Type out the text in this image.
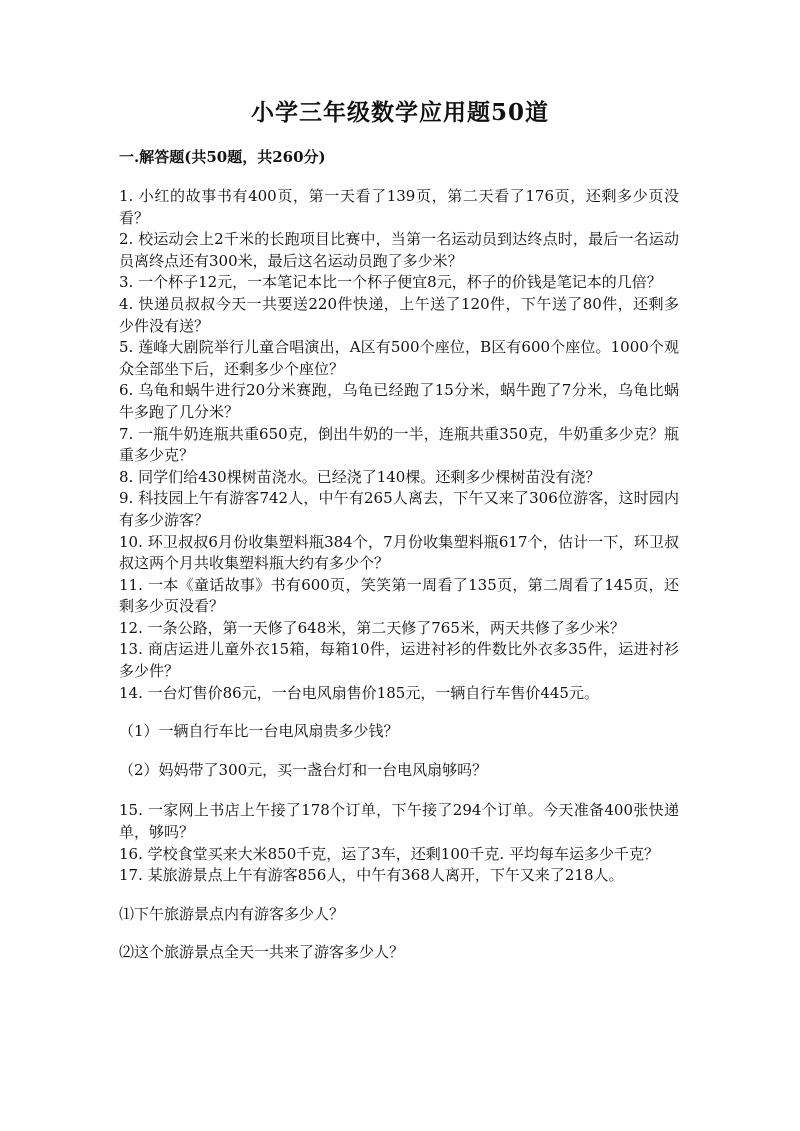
小学三年级数学应用题50道
一.解答题(共50题，共260分)

1. 小红的故事书有400页，第一天看了139页，第二天看了176页，还剩多少页没看？

2. 校运动会上2千米的长跑项目比赛中，当第一名运动员到达终点时，最后一名运动员离终点还有300米，最后这名运动员跑了多少米？

3. 一个杯子12元，一本笔记本比一个杯子便宜8元，杯子的价钱是笔记本的几倍？

4. 快递员叔叔今天一共要送220件快递，上午送了120件，下午送了80件，还剩多少件没有送？

5. 莲峰大剧院举行儿童合唱演出，A区有500个座位，B区有600个座位。1000个观众全部坐下后，还剩多少个座位？

6. 乌龟和蜗牛进行20分米赛跑，乌龟已经跑了15分米，蜗牛跑了7分米，乌龟比蜗牛多跑了几分米？

7. 一瓶牛奶连瓶共重650克，倒出牛奶的一半，连瓶共重350克，牛奶重多少克？瓶重多少克？

8. 同学们给430棵树苗浇水。已经浇了140棵。还剩多少棵树苗没有浇？

9. 科技园上午有游客742人，中午有265人离去，下午又来了306位游客，这时园内有多少游客？

10. 环卫叔叔6月份收集塑料瓶384个，7月份收集塑料瓶617个，估计一下，环卫叔叔这两个月共收集塑料瓶大约有多少个？

11. 一本《童话故事》书有600页，笑笑第一周看了135页，第二周看了145页，还剩多少页没看？

12. 一条公路，第一天修了648米，第二天修了765米，两天共修了多少米？

13. 商店运进儿童外衣15箱，每箱10件，运进衬衫的件数比外衣多35件，运进衬衫多少件？

14. 一台灯售价86元，一台电风扇售价185元，一辆自行车售价445元。

（1）一辆自行车比一台电风扇贵多少钱？

（2）妈妈带了300元，买一盏台灯和一台电风扇够吗？

15. 一家网上书店上午接了178个订单，下午接了294个订单。今天准备400张快递单，够吗？

16. 学校食堂买来大米850千克，运了3车，还剩100千克. 平均每车运多少千克？

17. 某旅游景点上午有游客856人，中午有368人离开，下午又来了218人。

⑴下午旅游景点内有游客多少人？

⑵这个旅游景点全天一共来了游客多少人？
